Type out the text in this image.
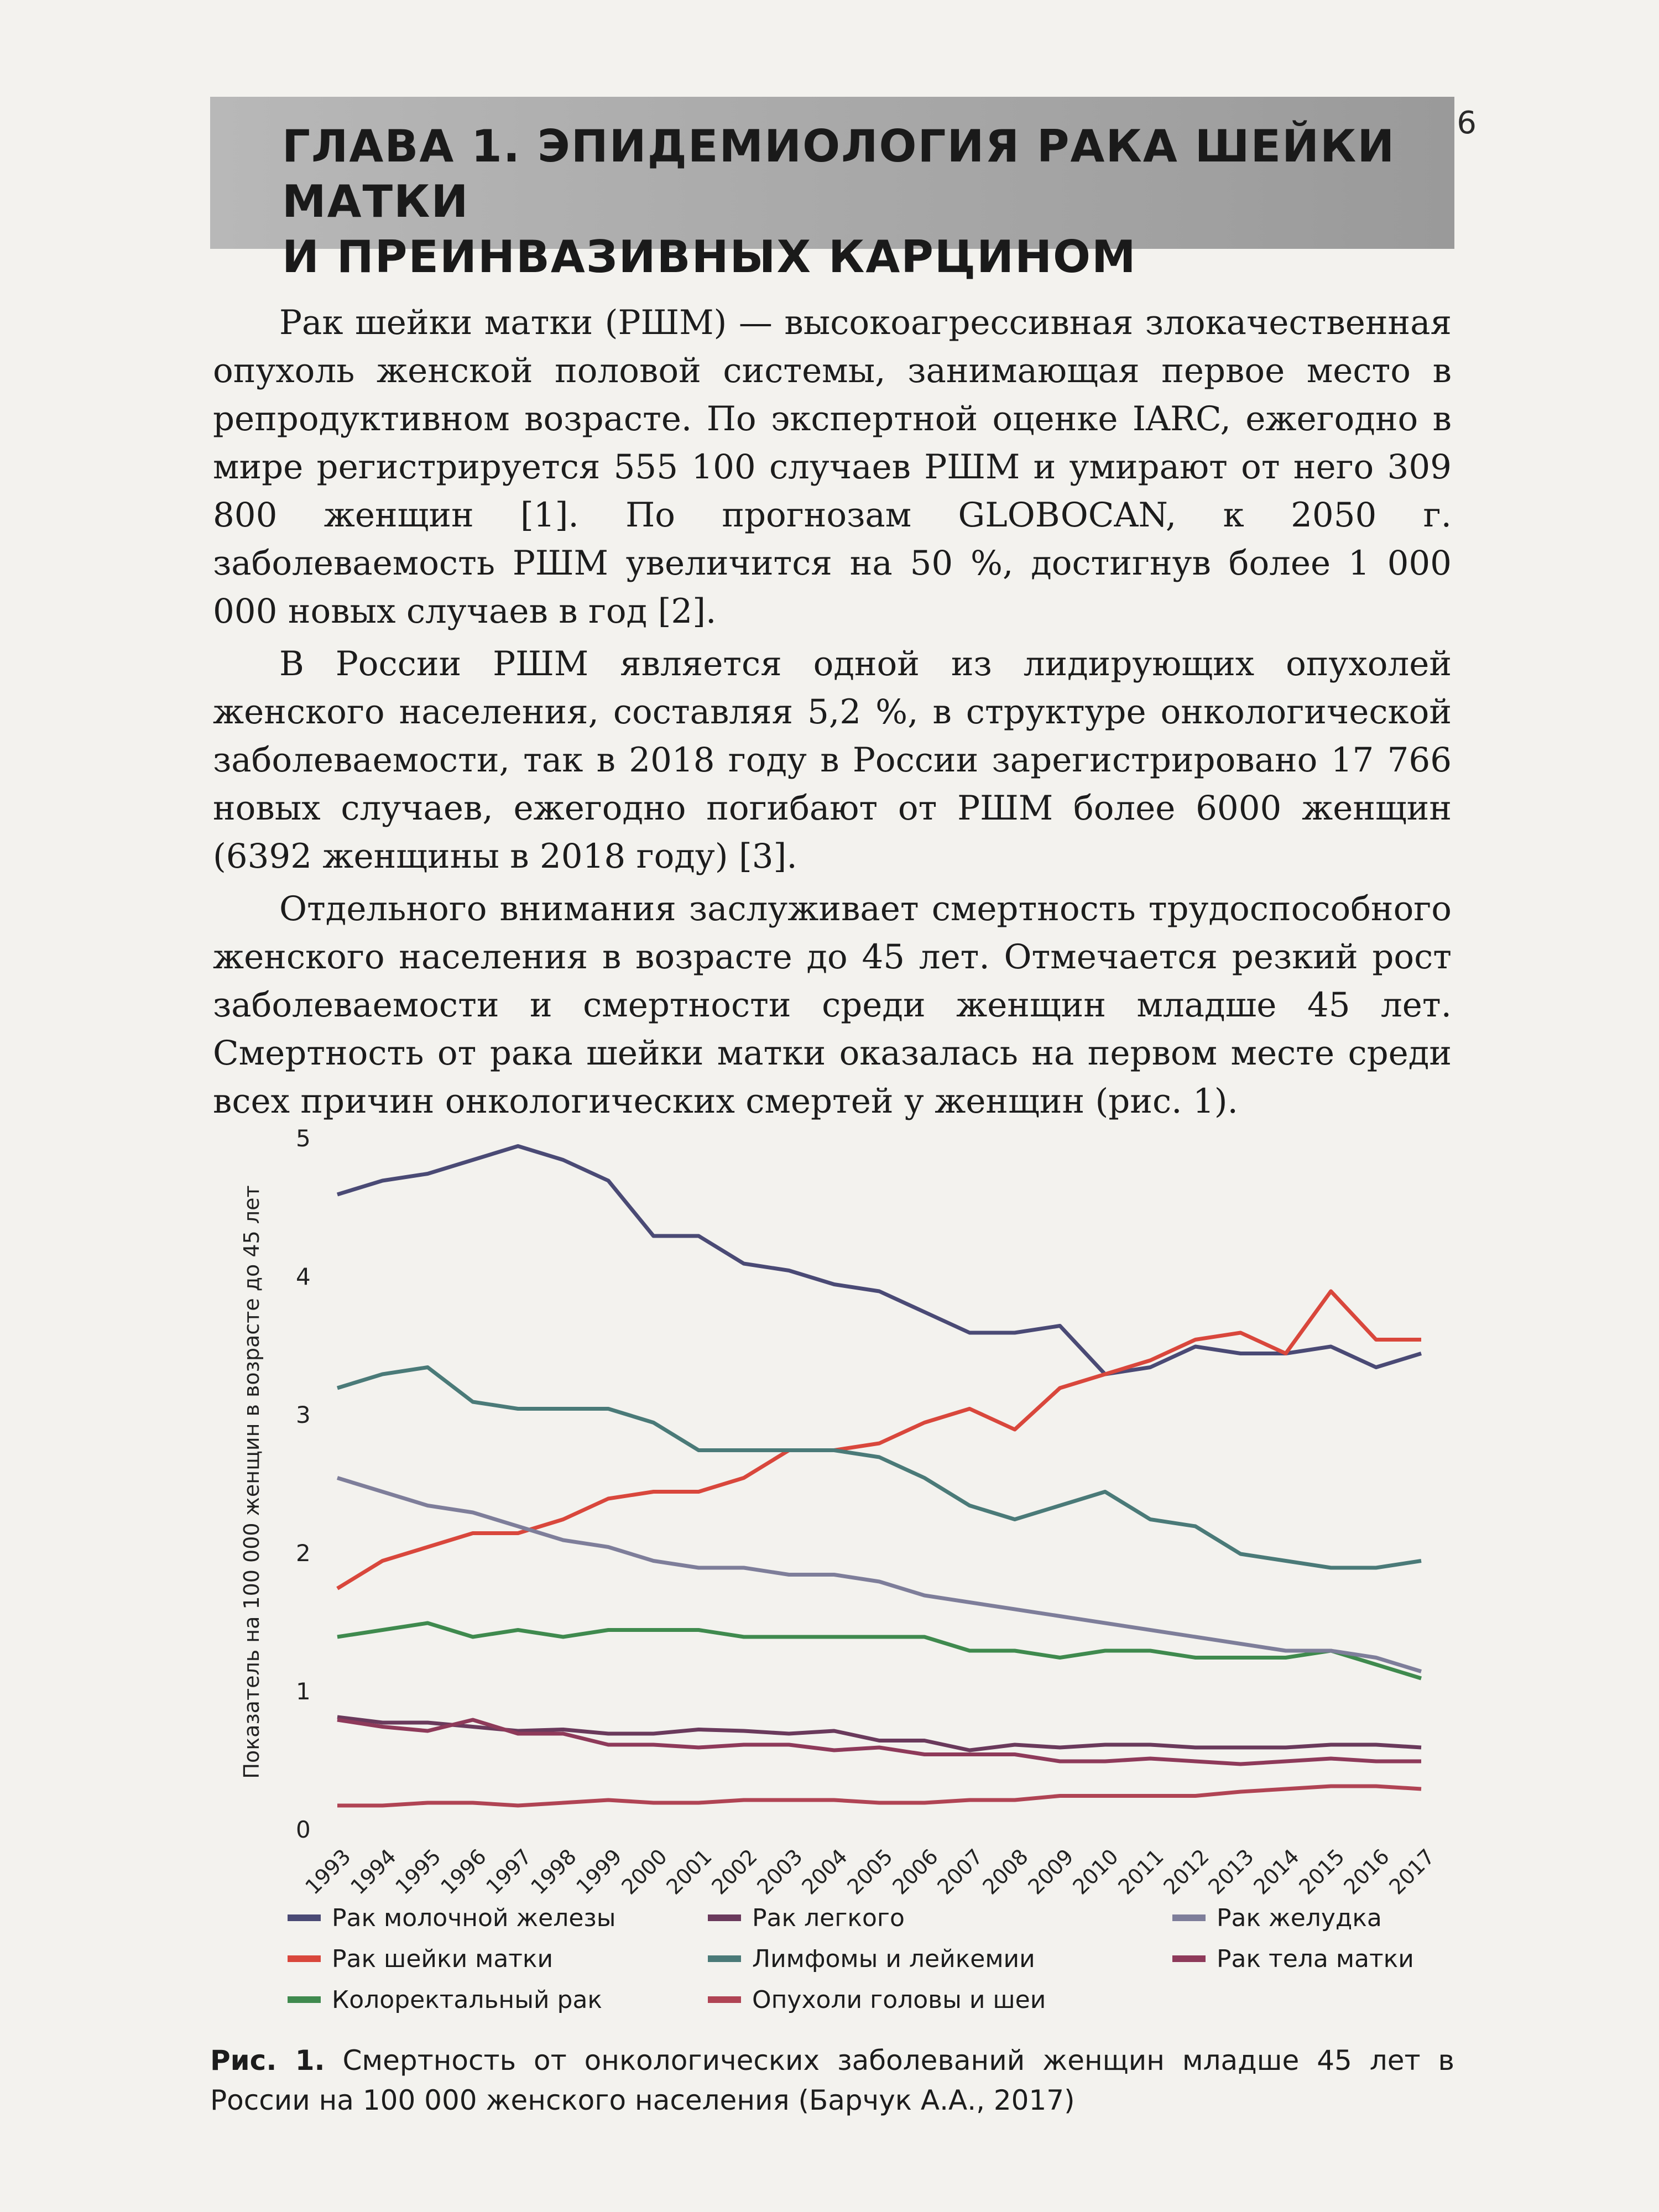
6
ГЛАВА 1. ЭПИДЕМИОЛОГИЯ РАКА ШЕЙКИ МАТКИ
И ПРЕИНВАЗИВНЫХ КАРЦИНОМ

Рак шейки матки (РШМ) — высокоагрессивная злокачественная опухоль женской половой системы, занимающая первое место в репродуктивном возрасте. По экспертной оценке IARC, ежегодно в мире регистрируется 555 100 случаев РШМ и умирают от него 309 800 женщин [1]. По прогнозам GLOBOCAN, к 2050 г. заболеваемость РШМ увеличится на 50 %, достигнув более 1 000 000 новых случаев в год [2].

В России РШМ является одной из лидирующих опухолей женского населения, составляя 5,2 %, в структуре онкологической заболеваемости, так в 2018 году в России зарегистрировано 17 766 новых случаев, ежегодно погибают от РШМ более 6000 женщин (6392 женщины в 2018 году) [3].

Отдельного внимания заслуживает смертность трудоспособного женского населения в возрасте до 45 лет. Отмечается резкий рост заболеваемости и смертности среди женщин младше 45 лет. Смертность от рака шейки матки оказалась на первом месте среди всех причин онкологических смертей у женщин (рис. 1).

Показатель на 100 000 женщин в возрасте до 45 лет
0
1
2
3
4
5
1993
1994
1995
1996
1997
1998
1999
2000
2001
2002
2003
2004
2005
2006
2007
2008
2009
2010
2011
2012
2013
2014
2015
2016
2017
Рак молочной железы	Рак легкого	Рак желудка
Рак шейки матки	Лимфомы и лейкемии	Рак тела матки
Колоректальный рак	Опухоли головы и шеи
Рис. 1. Смертность от онкологических заболеваний женщин младше 45 лет в России на 100 000 женского населения (Барчук А.А., 2017)
